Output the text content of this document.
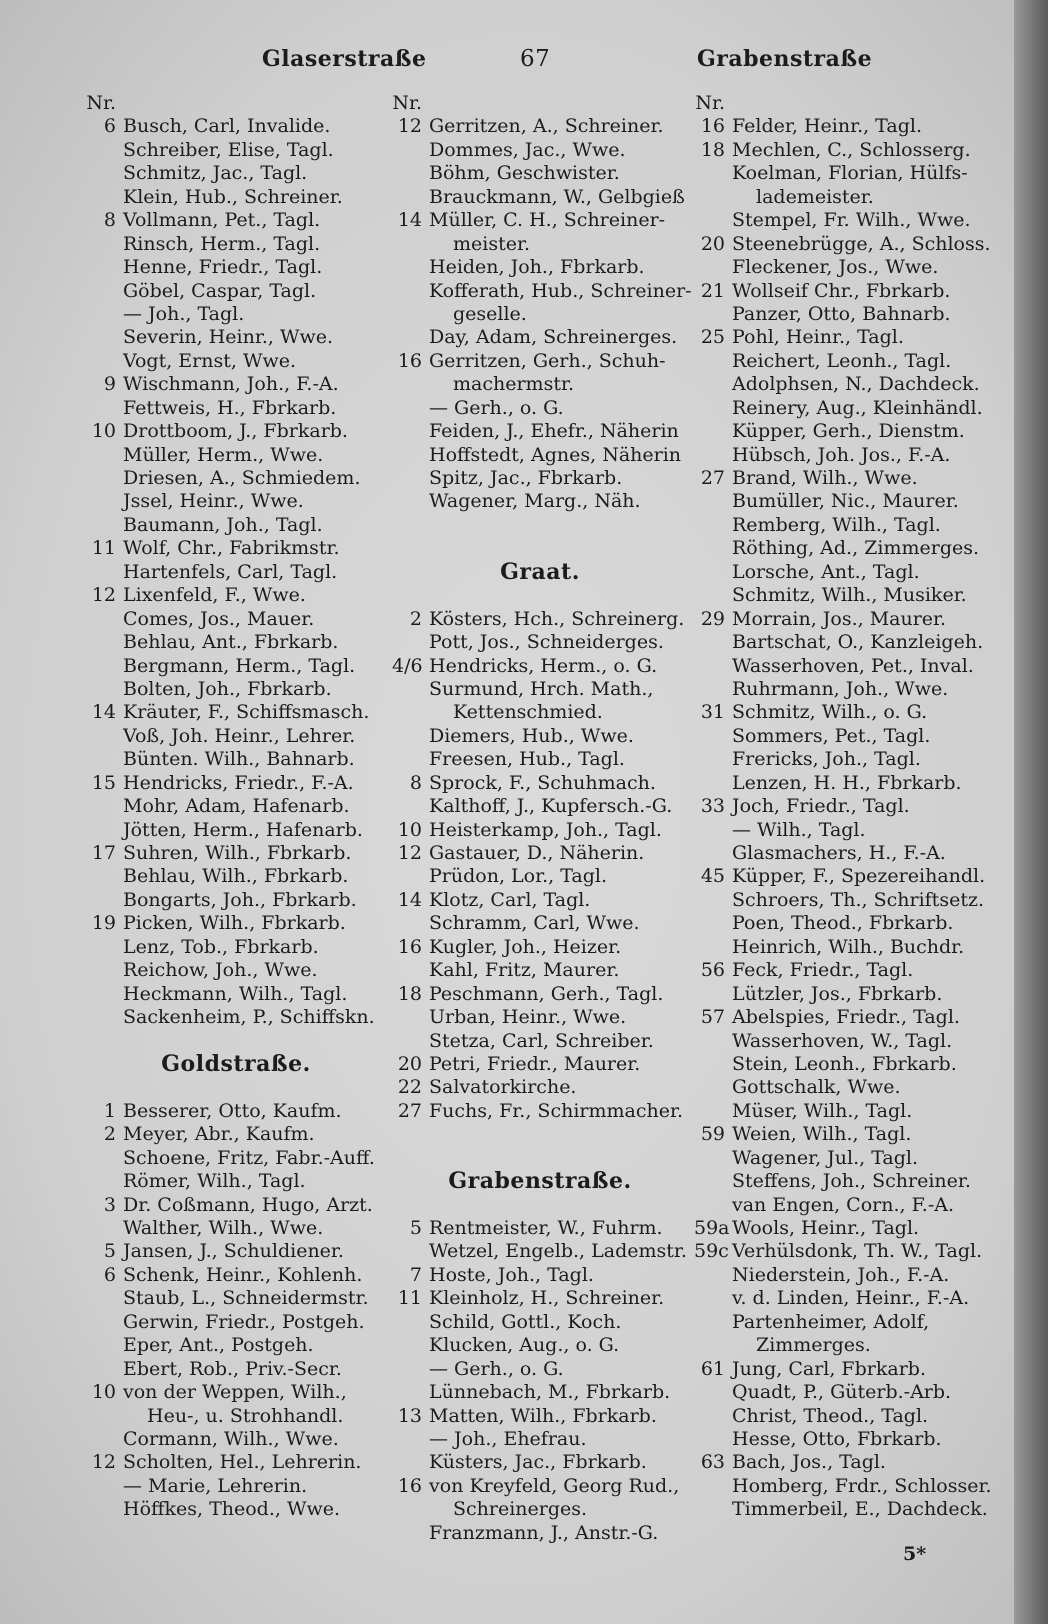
Glaserstraße	67	Grabenstraße
Nr.
6 Busch, Carl, Invalide.
Schreiber, Elise, Tagl.
Schmitz, Jac., Tagl.
Klein, Hub., Schreiner.
8 Vollmann, Pet., Tagl.
Rinsch, Herm., Tagl.
Henne, Friedr., Tagl.
Göbel, Caspar, Tagl.
— Joh., Tagl.
Severin, Heinr., Wwe.
Vogt, Ernst, Wwe.
9 Wischmann, Joh., F.-A.
Fettweis, H., Fbrkarb.
10 Drottboom, J., Fbrkarb.
Müller, Herm., Wwe.
Driesen, A., Schmiedem.
Jssel, Heinr., Wwe.
Baumann, Joh., Tagl.
11 Wolf, Chr., Fabrikmstr.
Hartenfels, Carl, Tagl.
12 Lixenfeld, F., Wwe.
Comes, Jos., Mauer.
Behlau, Ant., Fbrkarb.
Bergmann, Herm., Tagl.
Bolten, Joh., Fbrkarb.
14 Kräuter, F., Schiffsmasch.
Voß, Joh. Heinr., Lehrer.
Bünten. Wilh., Bahnarb.
15 Hendricks, Friedr., F.-A.
Mohr, Adam, Hafenarb.
Jötten, Herm., Hafenarb.
17 Suhren, Wilh., Fbrkarb.
Behlau, Wilh., Fbrkarb.
Bongarts, Joh., Fbrkarb.
19 Picken, Wilh., Fbrkarb.
Lenz, Tob., Fbrkarb.
Reichow, Joh., Wwe.
Heckmann, Wilh., Tagl.
Sackenheim, P., Schiffskn.
Goldstraße.
1 Besserer, Otto, Kaufm.
2 Meyer, Abr., Kaufm.
Schoene, Fritz, Fabr.-Auff.
Römer, Wilh., Tagl.
3 Dr. Coßmann, Hugo, Arzt.
Walther, Wilh., Wwe.
5 Jansen, J., Schuldiener.
6 Schenk, Heinr., Kohlenh.
Staub, L., Schneidermstr.
Gerwin, Friedr., Postgeh.
Eper, Ant., Postgeh.
Ebert, Rob., Priv.-Secr.
10 von der Weppen, Wilh.,
Heu-, u. Strohhandl.
Cormann, Wilh., Wwe.
12 Scholten, Hel., Lehrerin.
— Marie, Lehrerin.
Höffkes, Theod., Wwe.
Nr.
12 Gerritzen, A., Schreiner.
Dommes, Jac., Wwe.
Böhm, Geschwister.
Brauckmann, W., Gelbgieß
14 Müller, C. H., Schreiner-
meister.
Heiden, Joh., Fbrkarb.
Kofferath, Hub., Schreiner-
geselle.
Day, Adam, Schreinerges.
16 Gerritzen, Gerh., Schuh-
machermstr.
— Gerh., o. G.
Feiden, J., Ehefr., Näherin
Hoffstedt, Agnes, Näherin
Spitz, Jac., Fbrkarb.
Wagener, Marg., Näh.
Graat.
2 Kösters, Hch., Schreinerg.
Pott, Jos., Schneiderges.
4/6 Hendricks, Herm., o. G.
Surmund, Hrch. Math.,
Kettenschmied.
Diemers, Hub., Wwe.
Freesen, Hub., Tagl.
8 Sprock, F., Schuhmach.
Kalthoff, J., Kupfersch.-G.
10 Heisterkamp, Joh., Tagl.
12 Gastauer, D., Näherin.
Prüdon, Lor., Tagl.
14 Klotz, Carl, Tagl.
Schramm, Carl, Wwe.
16 Kugler, Joh., Heizer.
Kahl, Fritz, Maurer.
18 Peschmann, Gerh., Tagl.
Urban, Heinr., Wwe.
Stetza, Carl, Schreiber.
20 Petri, Friedr., Maurer.
22 Salvatorkirche.
27 Fuchs, Fr., Schirmmacher.
Grabenstraße.
5 Rentmeister, W., Fuhrm.
Wetzel, Engelb., Lademstr.
7 Hoste, Joh., Tagl.
11 Kleinholz, H., Schreiner.
Schild, Gottl., Koch.
Klucken, Aug., o. G.
— Gerh., o. G.
Lünnebach, M., Fbrkarb.
13 Matten, Wilh., Fbrkarb.
— Joh., Ehefrau.
Küsters, Jac., Fbrkarb.
16 von Kreyfeld, Georg Rud.,
Schreinerges.
Franzmann, J., Anstr.-G.
Nr.
16 Felder, Heinr., Tagl.
18 Mechlen, C., Schlosserg.
Koelman, Florian, Hülfs-
lademeister.
Stempel, Fr. Wilh., Wwe.
20 Steenebrügge, A., Schloss.
Fleckener, Jos., Wwe.
21 Wollseif Chr., Fbrkarb.
Panzer, Otto, Bahnarb.
25 Pohl, Heinr., Tagl.
Reichert, Leonh., Tagl.
Adolphsen, N., Dachdeck.
Reinery, Aug., Kleinhändl.
Küpper, Gerh., Dienstm.
Hübsch, Joh. Jos., F.-A.
27 Brand, Wilh., Wwe.
Bumüller, Nic., Maurer.
Remberg, Wilh., Tagl.
Röthing, Ad., Zimmerges.
Lorsche, Ant., Tagl.
Schmitz, Wilh., Musiker.
29 Morrain, Jos., Maurer.
Bartschat, O., Kanzleigeh.
Wasserhoven, Pet., Inval.
Ruhrmann, Joh., Wwe.
31 Schmitz, Wilh., o. G.
Sommers, Pet., Tagl.
Frericks, Joh., Tagl.
Lenzen, H. H., Fbrkarb.
33 Joch, Friedr., Tagl.
— Wilh., Tagl.
Glasmachers, H., F.-A.
45 Küpper, F., Spezereihandl.
Schroers, Th., Schriftsetz.
Poen, Theod., Fbrkarb.
Heinrich, Wilh., Buchdr.
56 Feck, Friedr., Tagl.
Lützler, Jos., Fbrkarb.
57 Abelspies, Friedr., Tagl.
Wasserhoven, W., Tagl.
Stein, Leonh., Fbrkarb.
Gottschalk, Wwe.
Müser, Wilh., Tagl.
59 Weien, Wilh., Tagl.
Wagener, Jul., Tagl.
Steffens, Joh., Schreiner.
van Engen, Corn., F.-A.
59a Wools, Heinr., Tagl.
59c Verhülsdonk, Th. W., Tagl.
Niederstein, Joh., F.-A.
v. d. Linden, Heinr., F.-A.
Partenheimer, Adolf,
Zimmerges.
61 Jung, Carl, Fbrkarb.
Quadt, P., Güterb.-Arb.
Christ, Theod., Tagl.
Hesse, Otto, Fbrkarb.
63 Bach, Jos., Tagl.
Homberg, Frdr., Schlosser.
Timmerbeil, E., Dachdeck.
5*
